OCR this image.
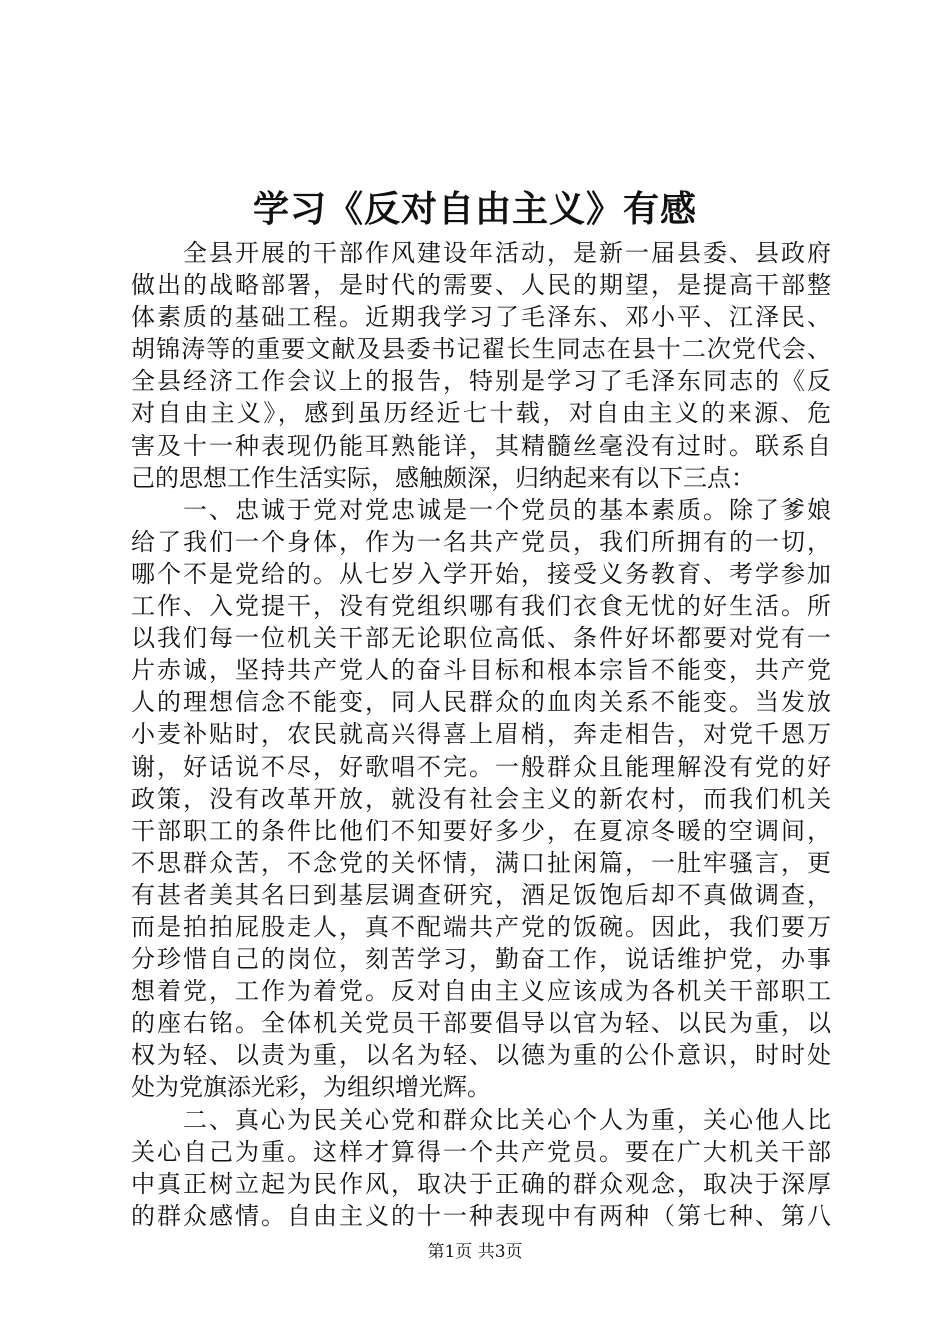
学习《反对自由主义》有感
　　全县开展的干部作风建设年活动，是新一届县委、县政府
做出的战略部署，是时代的需要、人民的期望，是提高干部整
体素质的基础工程。近期我学习了毛泽东、邓小平、江泽民、
胡锦涛等的重要文献及县委书记翟长生同志在县十二次党代会、
全县经济工作会议上的报告，特别是学习了毛泽东同志的《反
对自由主义》，感到虽历经近七十载，对自由主义的来源、危
害及十一种表现仍能耳熟能详，其精髓丝毫没有过时。联系自
己的思想工作生活实际，感触颇深，归纳起来有以下三点：
　　一、忠诚于党对党忠诚是一个党员的基本素质。除了爹娘
给了我们一个身体，作为一名共产党员，我们所拥有的一切，
哪个不是党给的。从七岁入学开始，接受义务教育、考学参加
工作、入党提干，没有党组织哪有我们衣食无忧的好生活。所
以我们每一位机关干部无论职位高低、条件好坏都要对党有一
片赤诚，坚持共产党人的奋斗目标和根本宗旨不能变，共产党
人的理想信念不能变，同人民群众的血肉关系不能变。当发放
小麦补贴时，农民就高兴得喜上眉梢，奔走相告，对党千恩万
谢，好话说不尽，好歌唱不完。一般群众且能理解没有党的好
政策，没有改革开放，就没有社会主义的新农村，而我们机关
干部职工的条件比他们不知要好多少，在夏凉冬暖的空调间，
不思群众苦，不念党的关怀情，满口扯闲篇，一肚牢骚言，更
有甚者美其名曰到基层调查研究，酒足饭饱后却不真做调查，
而是拍拍屁股走人，真不配端共产党的饭碗。因此，我们要万
分珍惜自己的岗位，刻苦学习，勤奋工作，说话维护党，办事
想着党，工作为着党。反对自由主义应该成为各机关干部职工
的座右铭。全体机关党员干部要倡导以官为轻、以民为重，以
权为轻、以责为重，以名为轻、以德为重的公仆意识，时时处
处为党旗添光彩，为组织增光辉。
　　二、真心为民关心党和群众比关心个人为重，关心他人比
关心自己为重。这样才算得一个共产党员。要在广大机关干部
中真正树立起为民作风，取决于正确的群众观念，取决于深厚
的群众感情。自由主义的十一种表现中有两种（第七种、第八
第1页 共3页
